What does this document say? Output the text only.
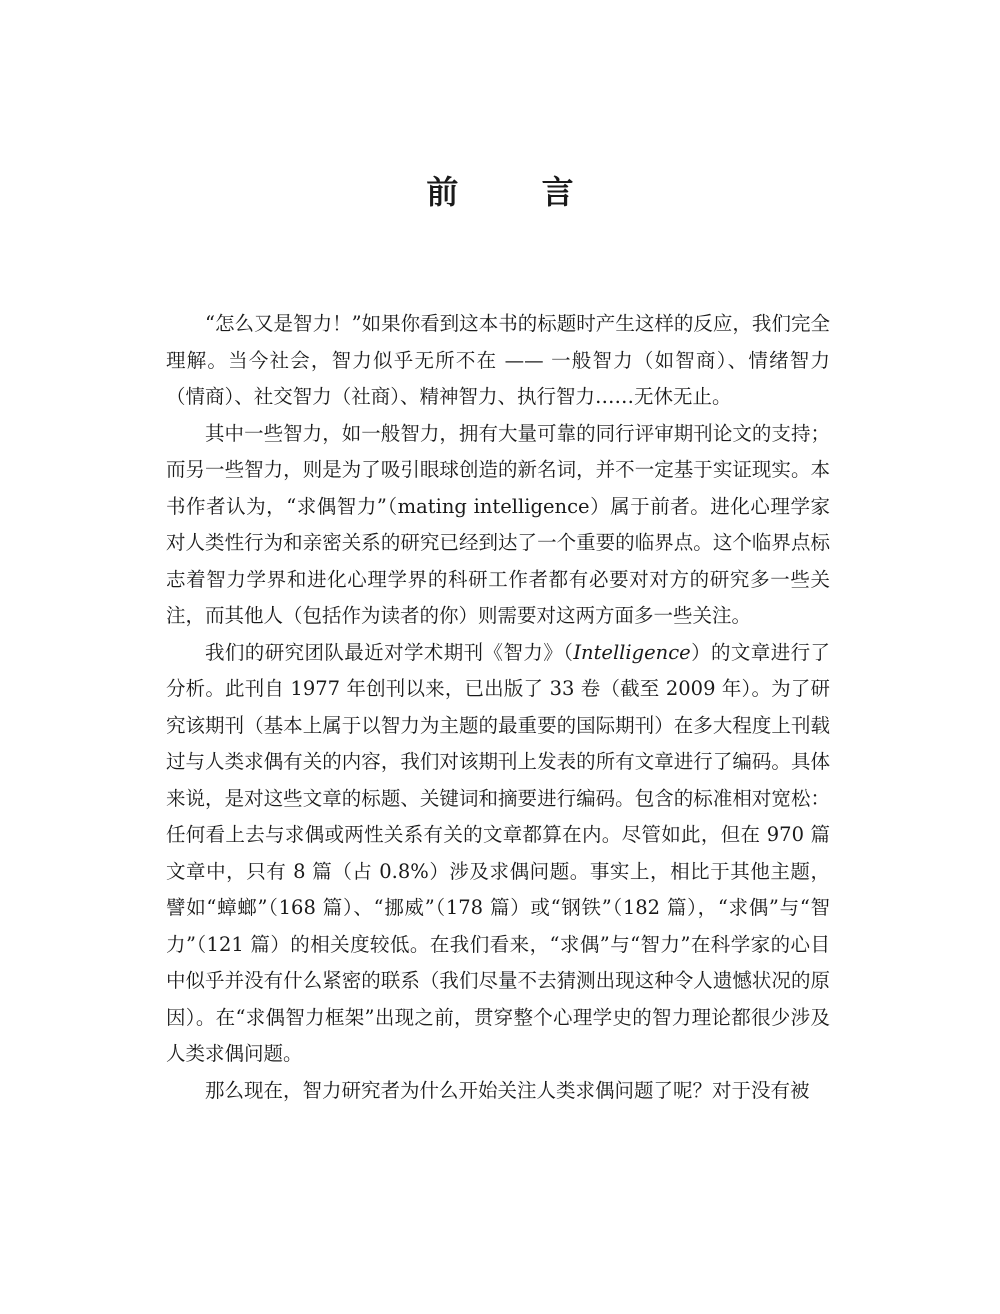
前 言

“怎么又是智力！”如果你看到这本书的标题时产生这样的反应，我们完全理解。当今社会，智力似乎无所不在 —— 一般智力（如智商）、情绪智力（情商）、社交智力（社商）、精神智力、执行智力……无休无止。

其中一些智力，如一般智力，拥有大量可靠的同行评审期刊论文的支持；而另一些智力，则是为了吸引眼球创造的新名词，并不一定基于实证现实。本书作者认为，“求偶智力”（mating intelligence）属于前者。进化心理学家对人类性行为和亲密关系的研究已经到达了一个重要的临界点。这个临界点标志着智力学界和进化心理学界的科研工作者都有必要对对方的研究多一些关注，而其他人（包括作为读者的你）则需要对这两方面多一些关注。

我们的研究团队最近对学术期刊《智力》（Intelligence）的文章进行了分析。此刊自 1977 年创刊以来，已出版了 33 卷（截至 2009 年）。为了研究该期刊（基本上属于以智力为主题的最重要的国际期刊）在多大程度上刊载过与人类求偶有关的内容，我们对该期刊上发表的所有文章进行了编码。具体来说，是对这些文章的标题、关键词和摘要进行编码。包含的标准相对宽松：任何看上去与求偶或两性关系有关的文章都算在内。尽管如此，但在 970 篇文章中，只有 8 篇（占 0.8%）涉及求偶问题。事实上，相比于其他主题，譬如“蟑螂”（168 篇）、“挪威”（178 篇）或“钢铁”（182 篇），“求偶”与“智力”（121 篇）的相关度较低。在我们看来，“求偶”与“智力”在科学家的心目中似乎并没有什么紧密的联系（我们尽量不去猜测出现这种令人遗憾状况的原因）。在“求偶智力框架”出现之前，贯穿整个心理学史的智力理论都很少涉及人类求偶问题。

那么现在，智力研究者为什么开始关注人类求偶问题了呢？对于没有被
